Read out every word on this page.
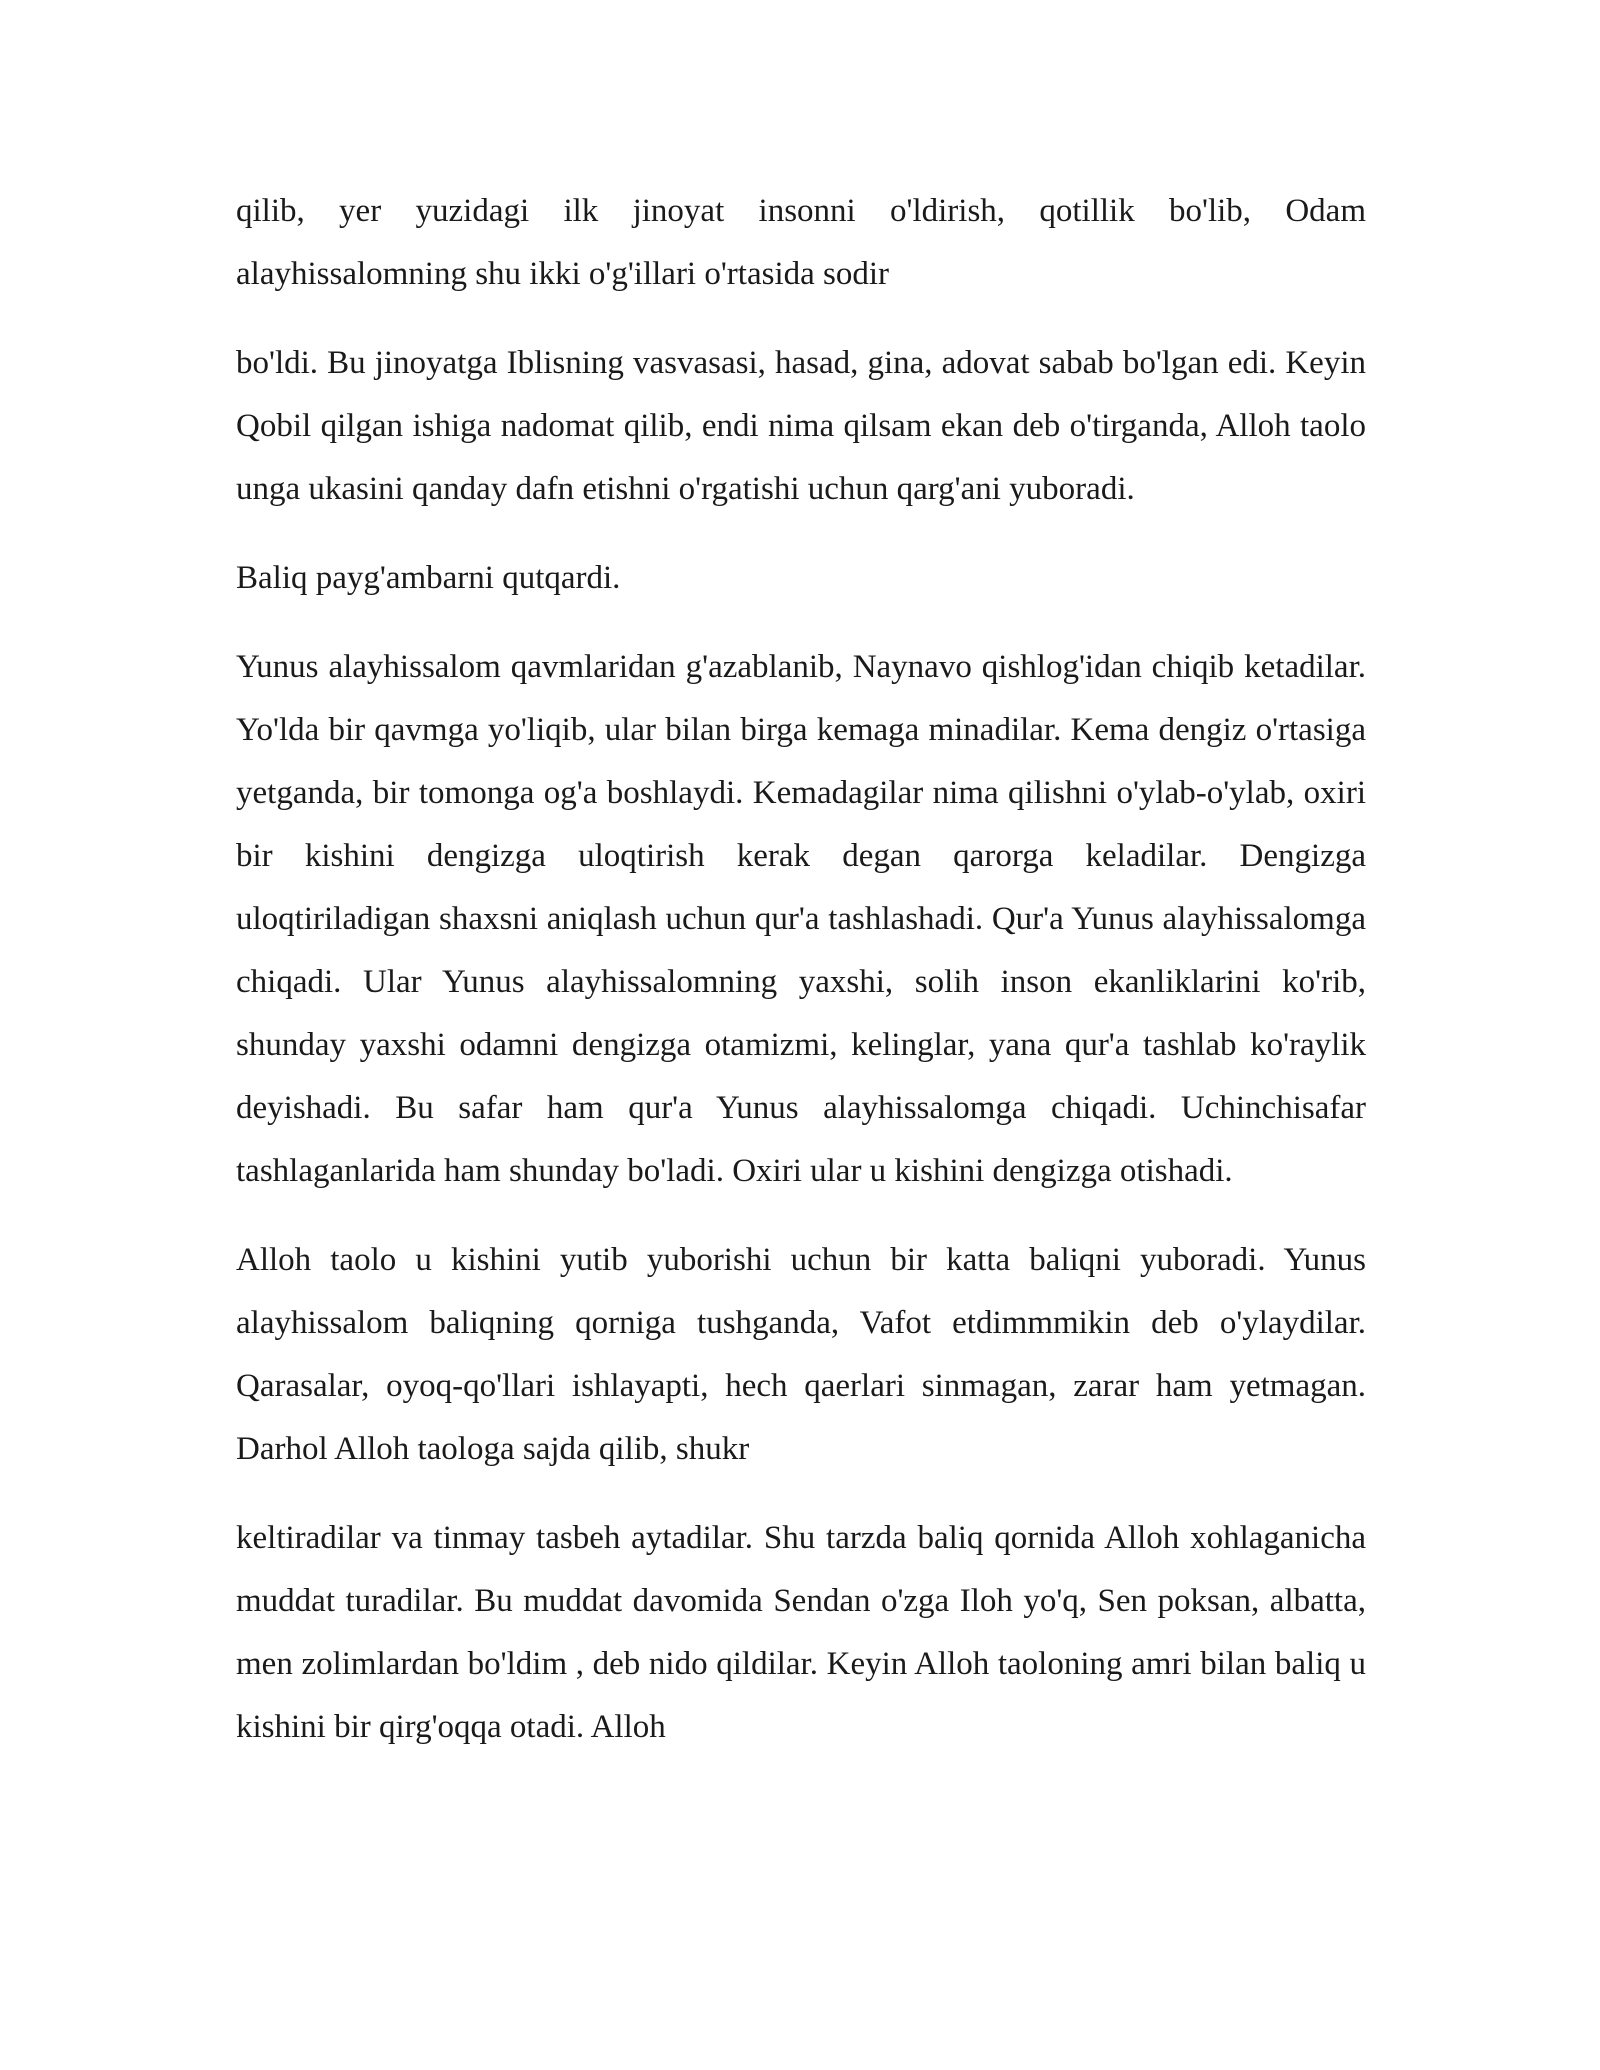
qilib, yer yuzidagi ilk jinoyat insonni o'ldirish, qotillik bo'lib, Odam alayhissalomning shu ikki o'g'illari o'rtasida sodir

bo'ldi. Bu jinoyatga Iblisning vasvasasi, hasad, gina, adovat sabab bo'lgan edi. Keyin Qobil qilgan ishiga nadomat qilib, endi nima qilsam ekan deb o'tirganda, Alloh taolo unga ukasini qanday dafn etishni o'rgatishi uchun qarg'ani yuboradi.

Baliq payg'ambarni qutqardi.

Yunus alayhissalom qavmlaridan g'azablanib, Naynavo qishlog'idan chiqib ketadilar. Yo'lda bir qavmga yo'liqib, ular bilan birga kemaga minadilar. Kema dengiz o'rtasiga yetganda, bir tomonga og'a boshlaydi. Kemadagilar nima qilishni o'ylab-o'ylab, oxiri bir kishini dengizga uloqtirish kerak degan qarorga keladilar. Dengizga uloqtiriladigan shaxsni aniqlash uchun qur'a tashlashadi. Qur'a Yunus alayhissalomga chiqadi. Ular Yunus alayhissalomning yaxshi, solih inson ekanliklarini ko'rib, shunday yaxshi odamni dengizga otamizmi, kelinglar, yana qur'a tashlab ko'raylik deyishadi. Bu safar ham qur'a Yunus alayhissalomga chiqadi. Uchinchisafar tashlaganlarida ham shunday bo'ladi. Oxiri ular u kishini dengizga otishadi.

Alloh taolo u kishini yutib yuborishi uchun bir katta baliqni yuboradi. Yunus alayhissalom baliqning qorniga tushganda, Vafot etdimmmikin deb o'ylaydilar. Qarasalar, oyoq-qo'llari ishlayapti, hech qaerlari sinmagan, zarar ham yetmagan. Darhol Alloh taologa sajda qilib, shukr

keltiradilar va tinmay tasbeh aytadilar. Shu tarzda baliq qornida Alloh xohlaganicha muddat turadilar. Bu muddat davomida Sendan o'zga Iloh yo'q, Sen poksan, albatta, men zolimlardan bo'ldim , deb nido qildilar. Keyin Alloh taoloning amri bilan baliq u kishini bir qirg'oqqa otadi. Alloh
